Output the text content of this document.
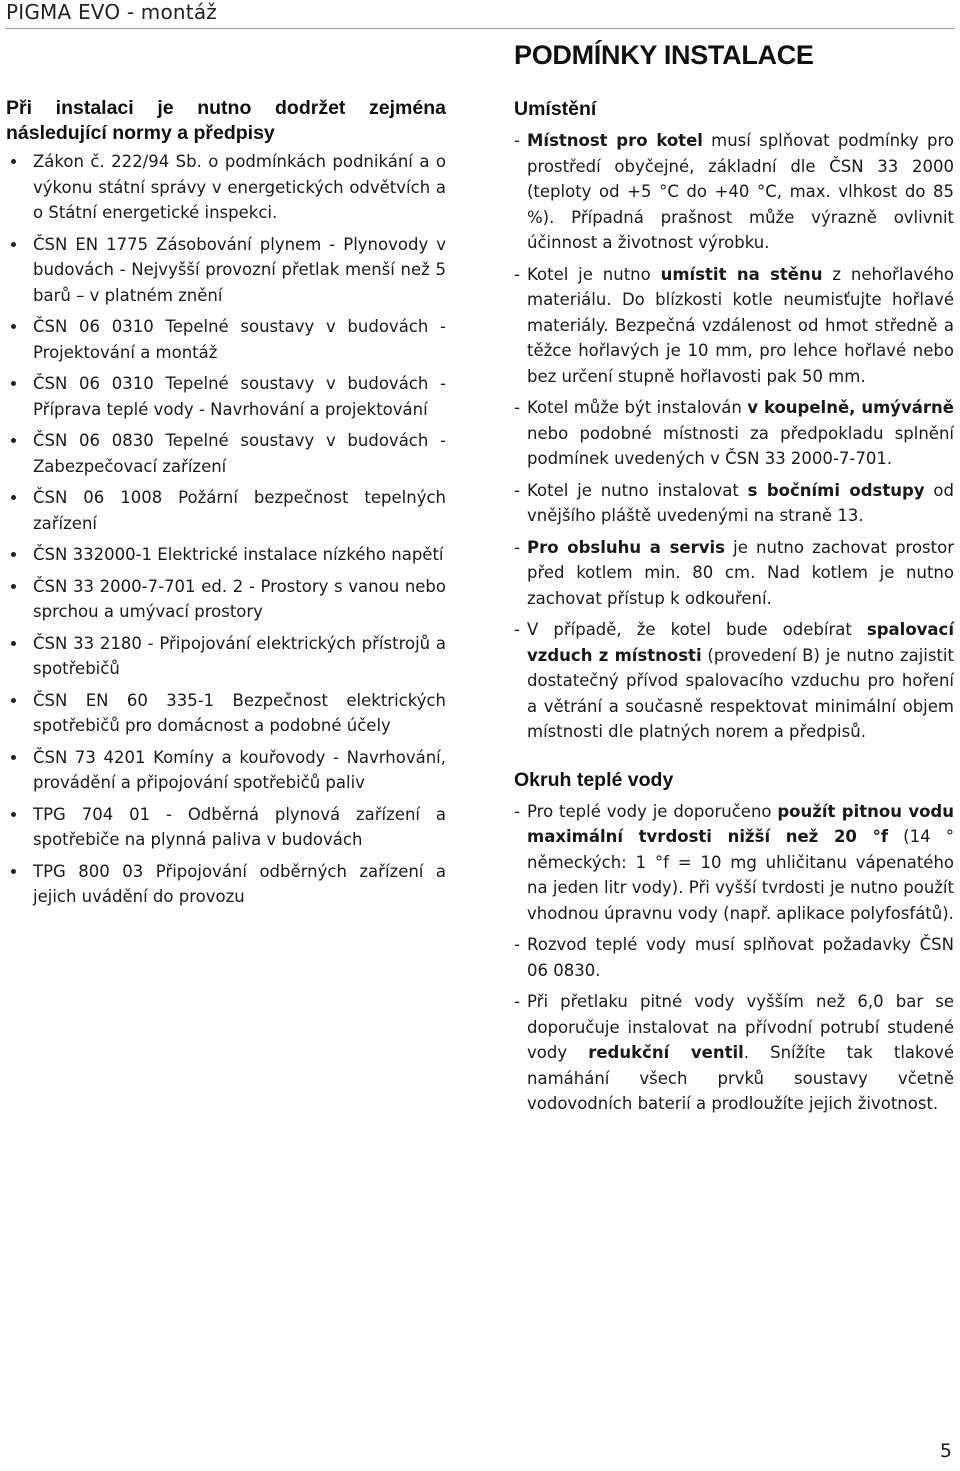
PIGMA EVO - montáž
PODMÍNKY INSTALACE
Při instalaci je nutno dodržet zejména následující normy a předpisy
Zákon č. 222/94 Sb. o podmínkách podnikání a o výkonu státní správy v energetických odvětvích a o Státní energetické inspekci.
ČSN EN 1775 Zásobování plynem - Plynovody v budovách - Nejvyšší provozní přetlak menší než 5 barů – v platném znění
ČSN 06 0310 Tepelné soustavy v budovách - Projektování a montáž
ČSN 06 0310 Tepelné soustavy v budovách - Příprava teplé vody - Navrhování a projektování
ČSN 06 0830 Tepelné soustavy v budovách - Zabezpečovací zařízení
ČSN 06 1008 Požární bezpečnost tepelných zařízení
ČSN 332000-1 Elektrické instalace nízkého napětí
ČSN 33 2000-7-701 ed. 2 - Prostory s vanou nebo sprchou a umývací prostory
ČSN 33 2180 - Připojování elektrických přístrojů a spotřebičů
ČSN EN 60 335-1 Bezpečnost elektrických spotřebičů pro domácnost a podobné účely
ČSN 73 4201 Komíny a kouřovody - Navrhování, provádění a připojování spotřebičů paliv
TPG 704 01 - Odběrná plynová zařízení a spotřebiče na plynná paliva v budovách
TPG 800 03 Připojování odběrných zařízení a jejich uvádění do provozu
Umístění
- Místnost pro kotel musí splňovat podmínky pro prostředí obyčejné, základní dle ČSN 33 2000 (teploty od +5 °C do +40 °C, max. vlhkost do 85 %). Případná prašnost může výrazně ovlivnit účinnost a životnost výrobku.
- Kotel je nutno umístit na stěnu z nehořlavého materiálu. Do blízkosti kotle neumisťujte hořlavé materiály. Bezpečná vzdálenost od hmot středně a těžce hořlavých je 10 mm, pro lehce hořlavé nebo bez určení stupně hořlavosti pak 50 mm.
- Kotel může být instalován v koupelně, umývárně nebo podobné místnosti za předpokladu splnění podmínek uvedených v ČSN 33 2000-7-701.
- Kotel je nutno instalovat s bočními odstupy od vnějšího pláště uvedenými na straně 13.
- Pro obsluhu a servis je nutno zachovat prostor před kotlem min. 80 cm. Nad kotlem je nutno zachovat přístup k odkouření.
- V případě, že kotel bude odebírat spalovací vzduch z místnosti (provedení B) je nutno zajistit dostatečný přívod spalovacího vzduchu pro hoření a větrání a současně respektovat minimální objem místnosti dle platných norem a předpisů.
Okruh teplé vody
- Pro teplé vody je doporučeno použít pitnou vodu maximální tvrdosti nižší než 20 °f (14 ° německých: 1 °f = 10 mg uhličitanu vápenatého na jeden litr vody). Při vyšší tvrdosti je nutno použít vhodnou úpravnu vody (např. aplikace polyfosfátů).
- Rozvod teplé vody musí splňovat požadavky ČSN 06 0830.
- Při přetlaku pitné vody vyšším než 6,0 bar se doporučuje instalovat na přívodní potrubí studené vody redukční ventil. Snížíte tak tlakové namáhání všech prvků soustavy včetně vodovodních baterií a prodloužíte jejich životnost.
5
